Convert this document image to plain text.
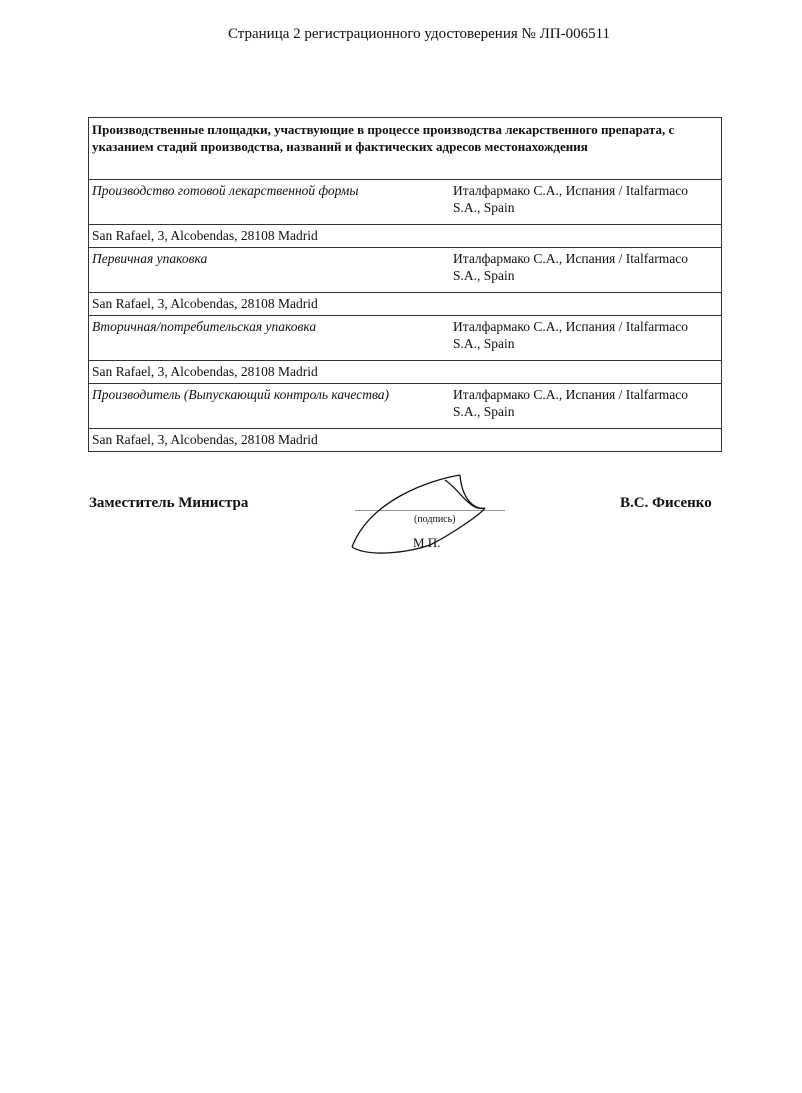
Страница 2 регистрационного удостоверения № ЛП-006511
Производственные площадки, участвующие в процессе производства лекарственного препарата, с указанием стадий производства, названий и фактических адресов местонахождения	
Производство готовой лекарственной формы	Италфармако С.А., Испания / Italfarmaco S.A., Spain
San Rafael, 3, Alcobendas, 28108 Madrid	
Первичная упаковка	Италфармако С.А., Испания / Italfarmaco S.A., Spain
San Rafael, 3, Alcobendas, 28108 Madrid	
Вторичная/потребительская упаковка	Италфармако С.А., Испания / Italfarmaco S.A., Spain
San Rafael, 3, Alcobendas, 28108 Madrid	
Производитель (Выпускающий контроль качества)	Италфармако С.А., Испания / Italfarmaco S.A., Spain
San Rafael, 3, Alcobendas, 28108 Madrid	
Заместитель Министра
(подпись)
М.П.
В.С. Фисенко
